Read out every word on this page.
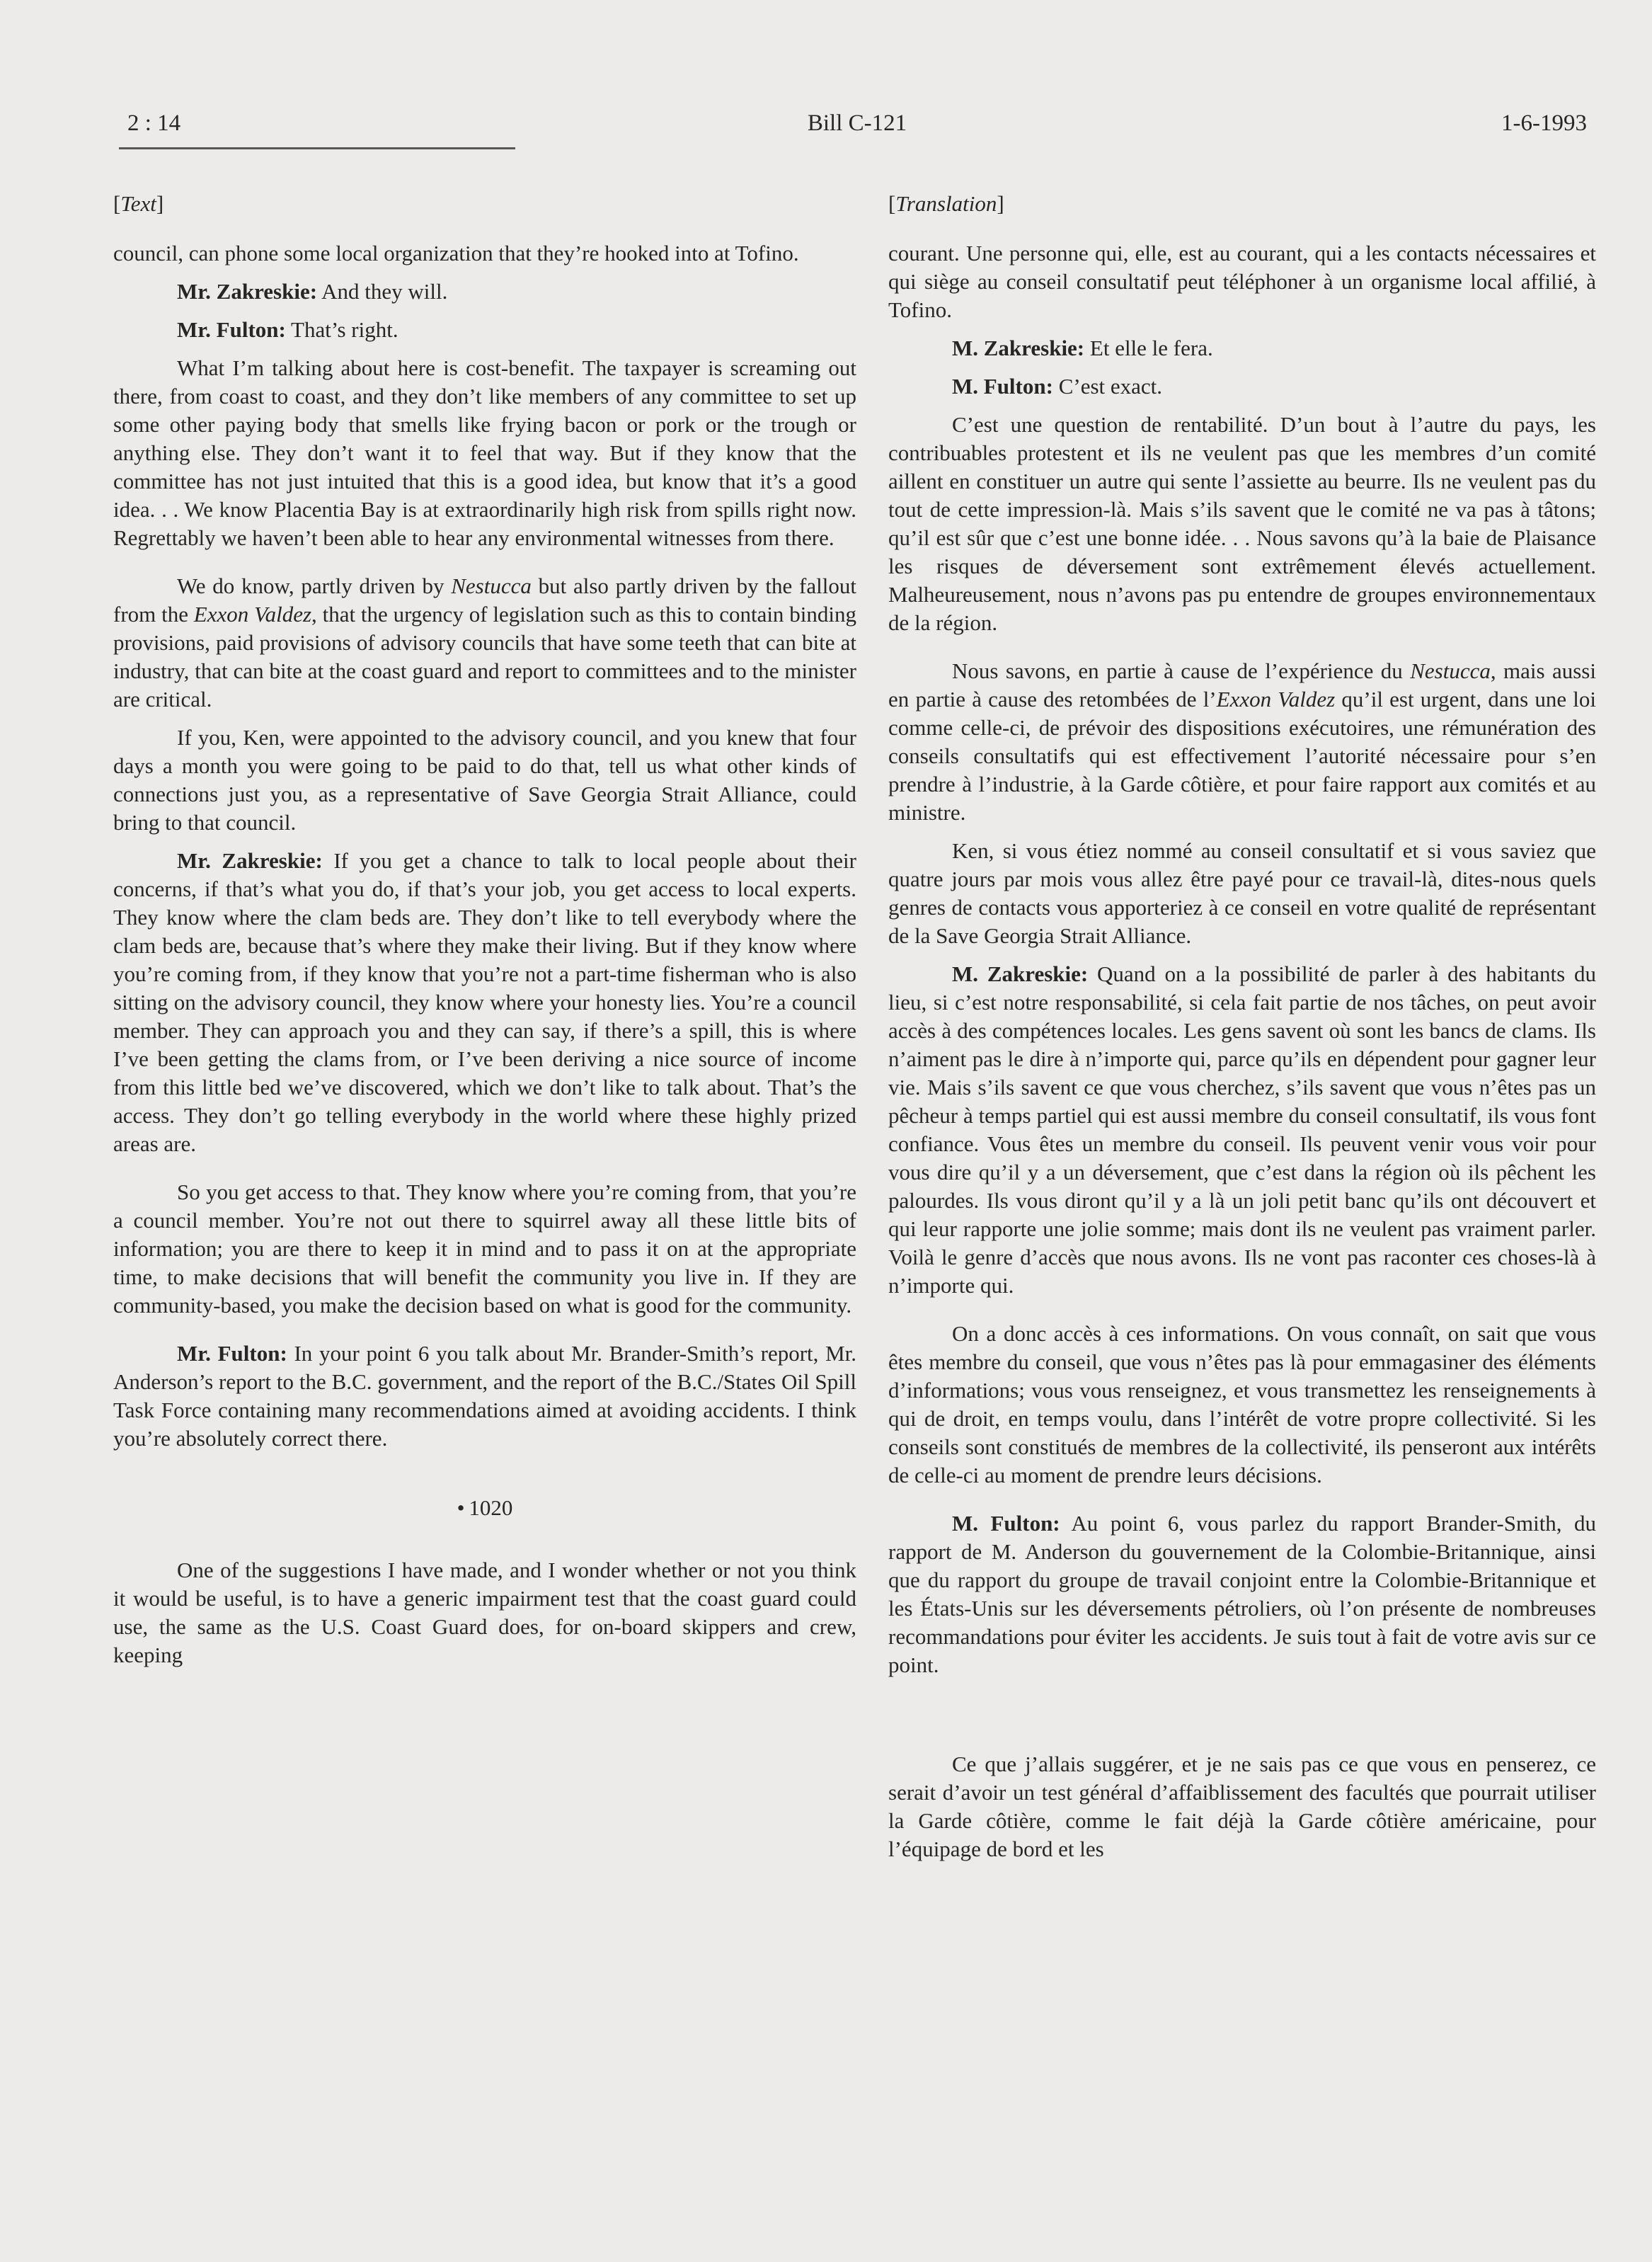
2 : 14	Bill C-121	1-6-1993
[Text]

council, can phone some local organization that they’re hooked into at Tofino.

Mr. Zakreskie: And they will.

Mr. Fulton: That’s right.

What I’m talking about here is cost-benefit. The taxpayer is screaming out there, from coast to coast, and they don’t like members of any committee to set up some other paying body that smells like frying bacon or pork or the trough or anything else. They don’t want it to feel that way. But if they know that the committee has not just intuited that this is a good idea, but know that it’s a good idea. . . We know Placentia Bay is at extraordinarily high risk from spills right now. Regrettably we haven’t been able to hear any environmental witnesses from there.

We do know, partly driven by Nestucca but also partly driven by the fallout from the Exxon Valdez, that the urgency of legislation such as this to contain binding provisions, paid provisions of advisory councils that have some teeth that can bite at industry, that can bite at the coast guard and report to committees and to the minister are critical.

If you, Ken, were appointed to the advisory council, and you knew that four days a month you were going to be paid to do that, tell us what other kinds of connections just you, as a representative of Save Georgia Strait Alliance, could bring to that council.

Mr. Zakreskie: If you get a chance to talk to local people about their concerns, if that’s what you do, if that’s your job, you get access to local experts. They know where the clam beds are. They don’t like to tell everybody where the clam beds are, because that’s where they make their living. But if they know where you’re coming from, if they know that you’re not a part-time fisherman who is also sitting on the advisory council, they know where your honesty lies. You’re a council member. They can approach you and they can say, if there’s a spill, this is where I’ve been getting the clams from, or I’ve been deriving a nice source of income from this little bed we’ve discovered, which we don’t like to talk about. That’s the access. They don’t go telling everybody in the world where these highly prized areas are.

So you get access to that. They know where you’re coming from, that you’re a council member. You’re not out there to squirrel away all these little bits of information; you are there to keep it in mind and to pass it on at the appropriate time, to make decisions that will benefit the community you live in. If they are community-based, you make the decision based on what is good for the community.

Mr. Fulton: In your point 6 you talk about Mr. Brander-Smith’s report, Mr. Anderson’s report to the B.C. government, and the report of the B.C./States Oil Spill Task Force containing many recommendations aimed at avoiding accidents. I think you’re absolutely correct there.

• 1020

One of the suggestions I have made, and I wonder whether or not you think it would be useful, is to have a generic impairment test that the coast guard could use, the same as the U.S. Coast Guard does, for on-board skippers and crew, keeping

[Translation]

courant. Une personne qui, elle, est au courant, qui a les contacts nécessaires et qui siège au conseil consultatif peut téléphoner à un organisme local affilié, à Tofino.

M. Zakreskie: Et elle le fera.

M. Fulton: C’est exact.

C’est une question de rentabilité. D’un bout à l’autre du pays, les contribuables protestent et ils ne veulent pas que les membres d’un comité aillent en constituer un autre qui sente l’assiette au beurre. Ils ne veulent pas du tout de cette impression-là. Mais s’ils savent que le comité ne va pas à tâtons; qu’il est sûr que c’est une bonne idée. . . Nous savons qu’à la baie de Plaisance les risques de déversement sont extrêmement élevés actuellement. Malheureusement, nous n’avons pas pu entendre de groupes environnementaux de la région.

Nous savons, en partie à cause de l’expérience du Nestucca, mais aussi en partie à cause des retombées de l’Exxon Valdez qu’il est urgent, dans une loi comme celle-ci, de prévoir des dispositions exécutoires, une rémunération des conseils consultatifs qui est effectivement l’autorité nécessaire pour s’en prendre à l’industrie, à la Garde côtière, et pour faire rapport aux comités et au ministre.

Ken, si vous étiez nommé au conseil consultatif et si vous saviez que quatre jours par mois vous allez être payé pour ce travail-là, dites-nous quels genres de contacts vous apporteriez à ce conseil en votre qualité de représentant de la Save Georgia Strait Alliance.

M. Zakreskie: Quand on a la possibilité de parler à des habitants du lieu, si c’est notre responsabilité, si cela fait partie de nos tâches, on peut avoir accès à des compétences locales. Les gens savent où sont les bancs de clams. Ils n’aiment pas le dire à n’importe qui, parce qu’ils en dépendent pour gagner leur vie. Mais s’ils savent ce que vous cherchez, s’ils savent que vous n’êtes pas un pêcheur à temps partiel qui est aussi membre du conseil consultatif, ils vous font confiance. Vous êtes un membre du conseil. Ils peuvent venir vous voir pour vous dire qu’il y a un déversement, que c’est dans la région où ils pêchent les palourdes. Ils vous diront qu’il y a là un joli petit banc qu’ils ont découvert et qui leur rapporte une jolie somme; mais dont ils ne veulent pas vraiment parler. Voilà le genre d’accès que nous avons. Ils ne vont pas raconter ces choses-là à n’importe qui.

On a donc accès à ces informations. On vous connaît, on sait que vous êtes membre du conseil, que vous n’êtes pas là pour emmagasiner des éléments d’informations; vous vous renseignez, et vous transmettez les renseignements à qui de droit, en temps voulu, dans l’intérêt de votre propre collectivité. Si les conseils sont constitués de membres de la collectivité, ils penseront aux intérêts de celle-ci au moment de prendre leurs décisions.

M. Fulton: Au point 6, vous parlez du rapport Brander-Smith, du rapport de M. Anderson du gouvernement de la Colombie-Britannique, ainsi que du rapport du groupe de travail conjoint entre la Colombie-Britannique et les États-Unis sur les déversements pétroliers, où l’on présente de nombreuses recommandations pour éviter les accidents. Je suis tout à fait de votre avis sur ce point.

Ce que j’allais suggérer, et je ne sais pas ce que vous en penserez, ce serait d’avoir un test général d’affaiblissement des facultés que pourrait utiliser la Garde côtière, comme le fait déjà la Garde côtière américaine, pour l’équipage de bord et les
